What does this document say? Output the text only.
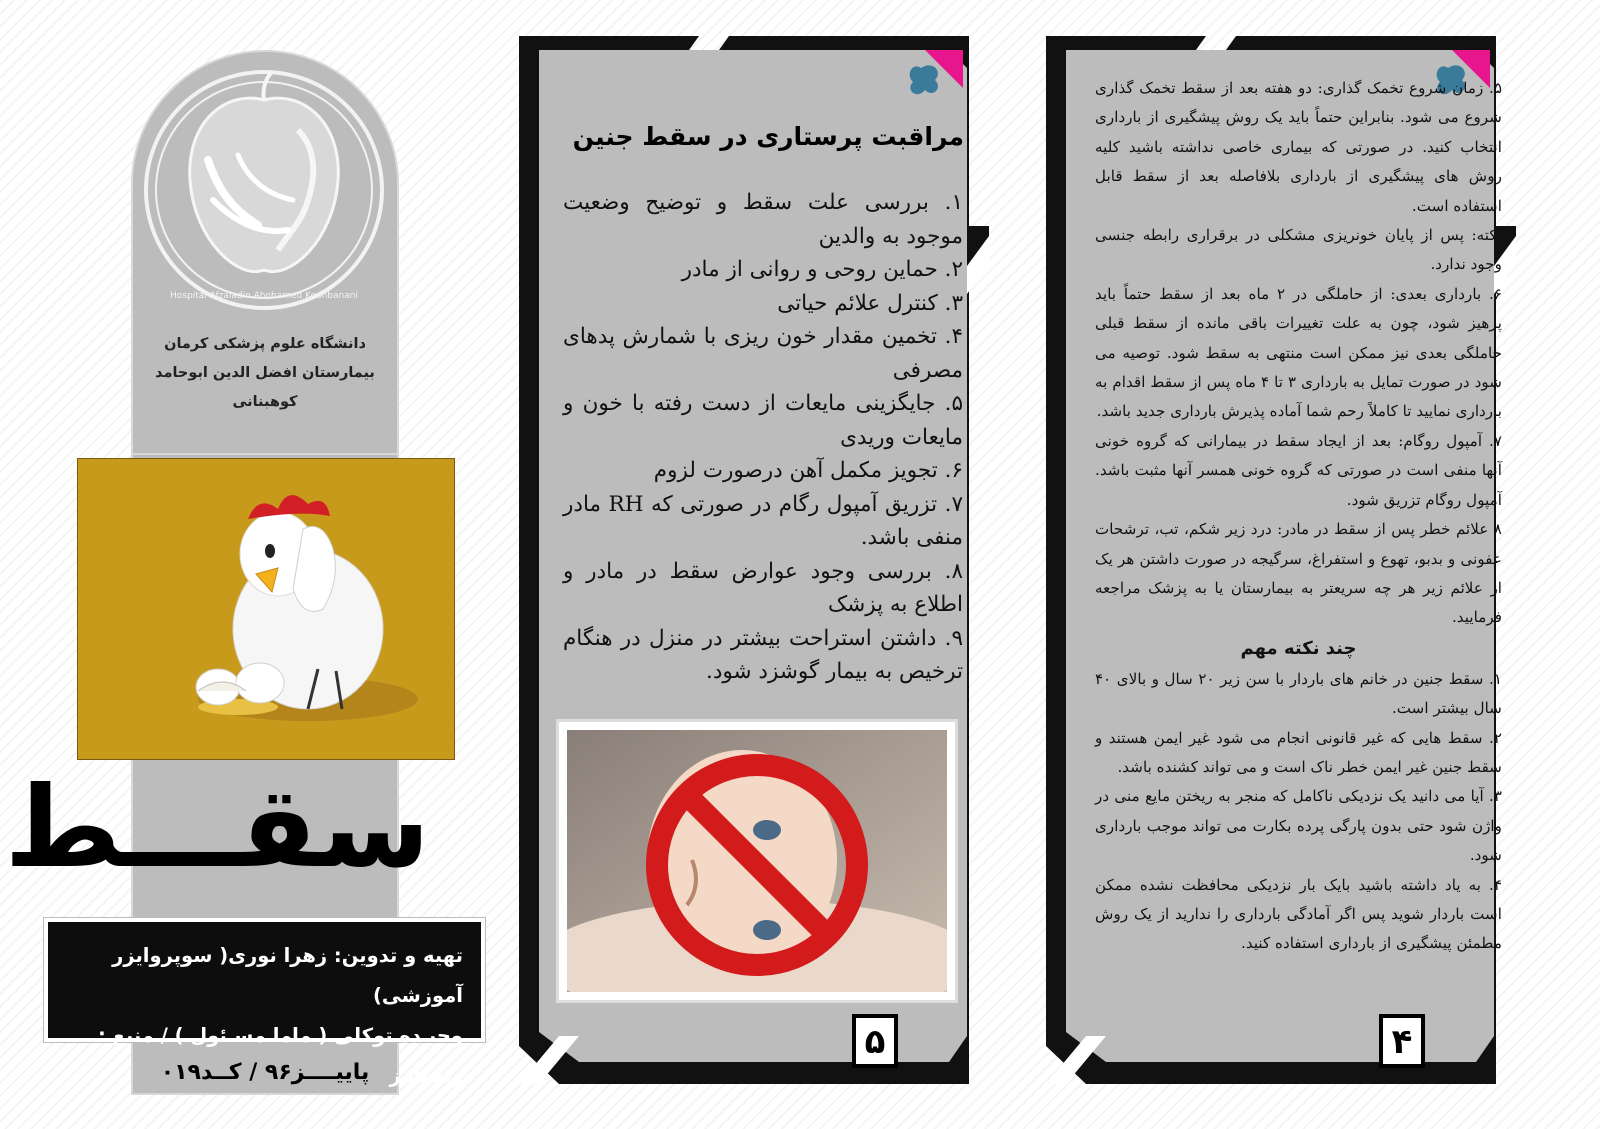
Hospital Afzaladin Abohamed Koohbanani
دانشگاه علوم پزشکی کرمان
بیمارستان افضل الدین ابوحامد کوهبنانی
سقـــط
تهیه و تدوین: زهرا نوری( سوپروایزر آموزشی)
وحیـده توکلی ( ماما مسـئول ) / منبع : ویلـیامز
پاییــــز۹۶ / کــد۰۱۹
مراقبت پرستاری در سقط جنین
۱. بررسی علت سقط و توضیح وضعیت موجود به والدین
۲. حماین روحی و روانی از مادر
۳. کنترل علائم حیاتی
۴. تخمین مقدار خون ریزی با شمارش پدهای مصرفی
۵. جایگزینی مایعات از دست رفته با خون و مایعات وریدی
۶. تجویز مکمل آهن درصورت لزوم
۷. تزریق آمپول رگام در صورتی که RH مادر منفی باشد.
۸. بررسی وجود عوارض سقط در مادر و اطلاع به پزشک
۹. داشتن استراحت بیشتر در منزل در هنگام ترخیص به بیمار گوشزد شود.
۵

۵. زمان شروع تخمک گذاری: دو هفته بعد از سقط تخمک گذاری شروع می شود. بنابراین حتماً باید یک روش پیشگیری از بارداری انتخاب کنید. در صورتی که بیماری خاصی نداشته باشید کلیه روش های پیشگیری از بارداری بلافاصله بعد از سقط قابل استفاده است.

نکته: پس از پایان خونریزی مشکلی در برقراری رابطه جنسی وجود ندارد.

۶. بارداری بعدی: از حاملگی در ۲ ماه بعد از سقط حتماً باید پرهیز شود، چون به علت تغییرات باقی مانده از سقط قبلی حاملگی بعدی نیز ممکن است منتهی به سقط شود. توصیه می شود در صورت تمایل به بارداری ۳ تا ۴ ماه پس از سقط اقدام به بارداری نمایید تا کاملاً رحم شما آماده پذیرش بارداری جدید باشد.

۷. آمپول روگام: بعد از ایجاد سقط در بیمارانی که گروه خونی آنها منفی است در صورتی که گروه خونی همسر آنها مثبت باشد. آمپول روگام تزریق شود.

۸ علائم خطر پس از سقط در مادر: درد زیر شکم، تب، ترشحات عفونی و بدبو، تهوع و استفراغ، سرگیجه در صورت داشتن هر یک از علائم زیر هر چه سریعتر به بیمارستان یا به پزشک مراجعه فرمایید.

چند نکته مهم

۱. سقط جنین در خانم های باردار با سن زیر ۲۰ سال و بالای ۴۰ سال بیشتر است.

۲. سقط هایی که غیر قانونی انجام می شود غیر ایمن هستند و سقط جنین غیر ایمن خطر ناک است و می تواند کشنده باشد.

۳. آیا می دانید یک نزدیکی ناکامل که منجر به ریختن مایع منی در واژن شود حتی بدون پارگی پرده بکارت می تواند موجب بارداری شود.

۴. به یاد داشته باشید بایک بار نزدیکی محافظت نشده ممکن است باردار شوید پس اگر آمادگی بارداری را ندارید از یک روش مطمئن پیشگیری از بارداری استفاده کنید.

۴
